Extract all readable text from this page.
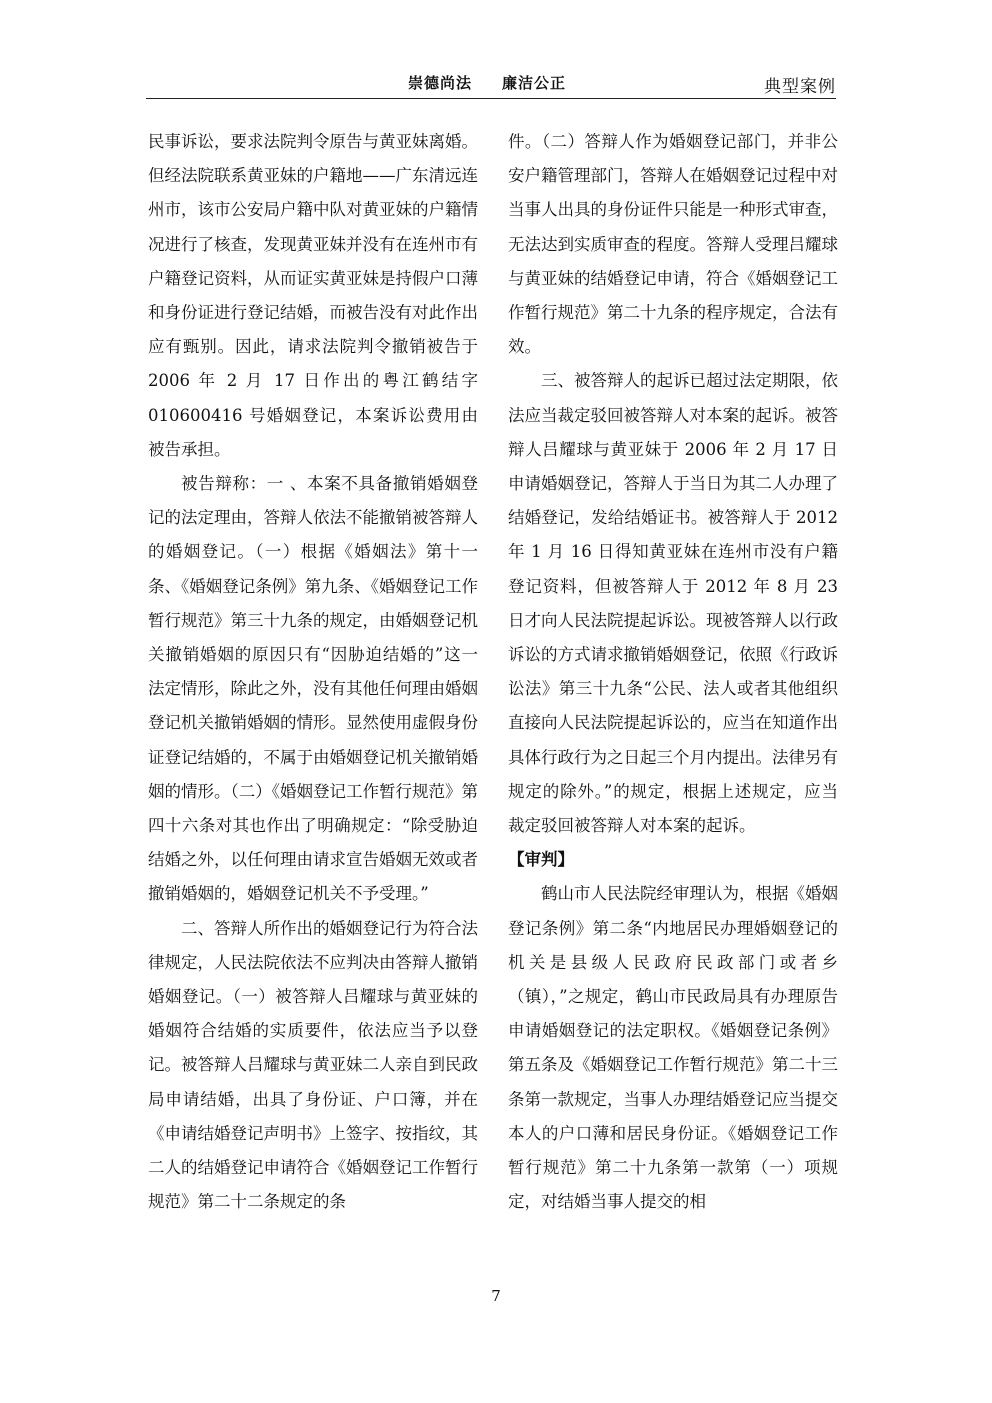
崇德尚法 廉洁公正	典型案例

民事诉讼，要求法院判令原告与黄亚妹离婚。但经法院联系黄亚妹的户籍地——广东清远连州市，该市公安局户籍中队对黄亚妹的户籍情况进行了核查，发现黄亚妹并没有在连州市有户籍登记资料，从而证实黄亚妹是持假户口薄和身份证进行登记结婚，而被告没有对此作出应有甄别。因此，请求法院判令撤销被告于 2006 年 2 月 17 日作出的粤江鹤结字 010600416 号婚姻登记，本案诉讼费用由被告承担。

被告辩称：一 、本案不具备撤销婚姻登记的法定理由，答辩人依法不能撤销被答辩人的婚姻登记。（一）根据《婚姻法》第十一条、《婚姻登记条例》第九条、《婚姻登记工作暂行规范》第三十九条的规定，由婚姻登记机关撤销婚姻的原因只有“因胁迫结婚的”这一法定情形，除此之外，没有其他任何理由婚姻登记机关撤销婚姻的情形。显然使用虚假身份证登记结婚的，不属于由婚姻登记机关撤销婚姻的情形。（二）《婚姻登记工作暂行规范》第四十六条对其也作出了明确规定：“除受胁迫结婚之外，以任何理由请求宣告婚姻无效或者撤销婚姻的，婚姻登记机关不予受理。”

二、答辩人所作出的婚姻登记行为符合法律规定，人民法院依法不应判决由答辩人撤销婚姻登记。（一）被答辩人吕耀球与黄亚妹的婚姻符合结婚的实质要件，依法应当予以登记。被答辩人吕耀球与黄亚妹二人亲自到民政局申请结婚，出具了身份证、户口簿，并在《申请结婚登记声明书》上签字、按指纹，其二人的结婚登记申请符合《婚姻登记工作暂行规范》第二十二条规定的条

件。（二）答辩人作为婚姻登记部门，并非公安户籍管理部门，答辩人在婚姻登记过程中对当事人出具的身份证件只能是一种形式审查，无法达到实质审查的程度。答辩人受理吕耀球与黄亚妹的结婚登记申请，符合《婚姻登记工作暂行规范》第二十九条的程序规定，合法有效。

三、被答辩人的起诉已超过法定期限，依法应当裁定驳回被答辩人对本案的起诉。被答辩人吕耀球与黄亚妹于 2006 年 2 月 17 日申请婚姻登记，答辩人于当日为其二人办理了结婚登记，发给结婚证书。被答辩人于 2012 年 1 月 16 日得知黄亚妹在连州市没有户籍登记资料，但被答辩人于 2012 年 8 月 23 日才向人民法院提起诉讼。现被答辩人以行政诉讼的方式请求撤销婚姻登记，依照《行政诉讼法》第三十九条“公民、法人或者其他组织直接向人民法院提起诉讼的，应当在知道作出具体行政行为之日起三个月内提出。法律另有规定的除外。”的规定，根据上述规定，应当裁定驳回被答辩人对本案的起诉。

【审判】

鹤山市人民法院经审理认为，根据《婚姻登记条例》第二条“内地居民办理婚姻登记的机关是县级人民政府民政部门或者乡（镇），”之规定，鹤山市民政局具有办理原告申请婚姻登记的法定职权。《婚姻登记条例》第五条及《婚姻登记工作暂行规范》第二十三条第一款规定，当事人办理结婚登记应当提交本人的户口薄和居民身份证。《婚姻登记工作暂行规范》第二十九条第一款第（一）项规定，对结婚当事人提交的相

7
